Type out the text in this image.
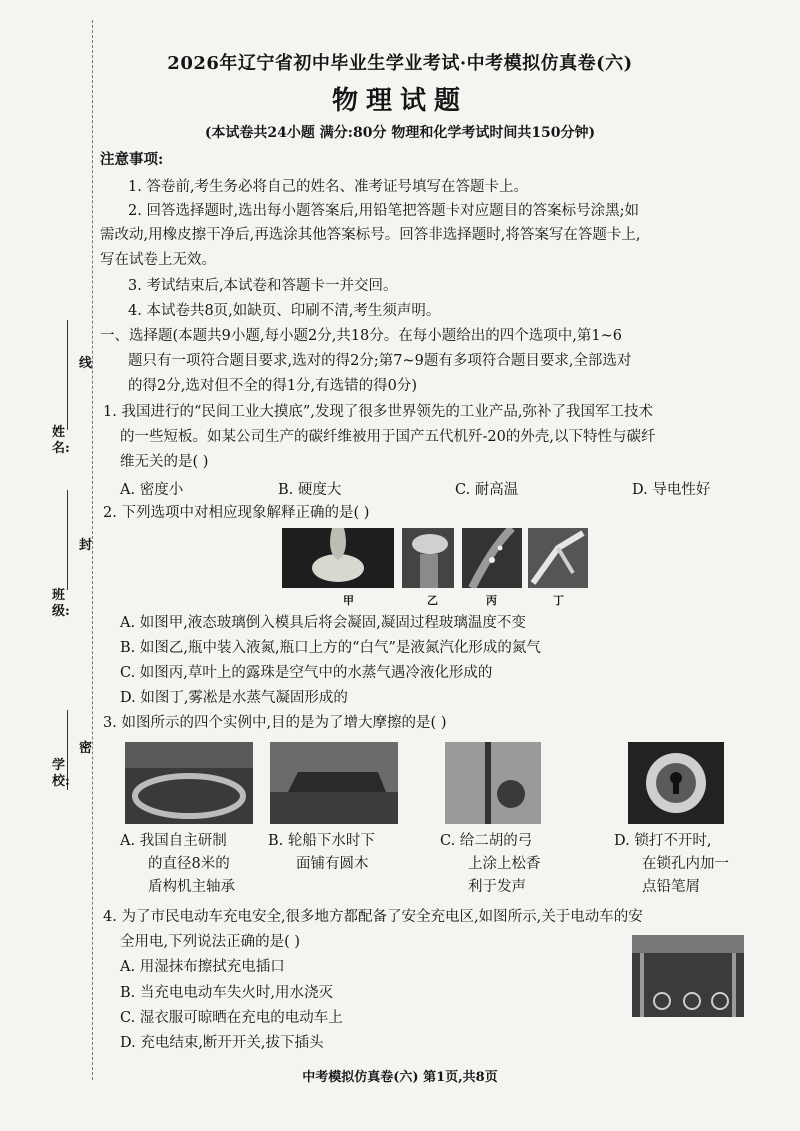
姓名:
班级:
学校:
线
封
密
2026年辽宁省初中毕业生学业考试·中考模拟仿真卷(六)
物理试题
(本试卷共24小题 满分:80分 物理和化学考试时间共150分钟)
注意事项:
1. 答卷前,考生务必将自己的姓名、准考证号填写在答题卡上。
2. 回答选择题时,选出每小题答案后,用铅笔把答题卡对应题目的答案标号涂黑;如
需改动,用橡皮擦干净后,再选涂其他答案标号。回答非选择题时,将答案写在答题卡上,
写在试卷上无效。
3. 考试结束后,本试卷和答题卡一并交回。
4. 本试卷共8页,如缺页、印刷不清,考生须声明。
一、选择题(本题共9小题,每小题2分,共18分。在每小题给出的四个选项中,第1~6
题只有一项符合题目要求,选对的得2分;第7~9题有多项符合题目要求,全部选对
的得2分,选对但不全的得1分,有选错的得0分)
1. 我国进行的“民间工业大摸底”,发现了很多世界领先的工业产品,弥补了我国军工技术
的一些短板。如某公司生产的碳纤维被用于国产五代机歼-20的外壳,以下特性与碳纤
维无关的是( )
A. 密度小	B. 硬度大	C. 耐高温	D. 导电性好
2. 下列选项中对相应现象解释正确的是( )
甲	乙	丙	丁
A. 如图甲,液态玻璃倒入模具后将会凝固,凝固过程玻璃温度不变
B. 如图乙,瓶中装入液氮,瓶口上方的“白气”是液氮汽化形成的氮气
C. 如图丙,草叶上的露珠是空气中的水蒸气遇冷液化形成的
D. 如图丁,雾凇是水蒸气凝固形成的
3. 如图所示的四个实例中,目的是为了增大摩擦的是( )
A. 我国自主研制
的直径8米的
盾构机主轴承
B. 轮船下水时下
面铺有圆木
C. 给二胡的弓
上涂上松香
利于发声
D. 锁打不开时,
在锁孔内加一
点铅笔屑
4. 为了市民电动车充电安全,很多地方都配备了安全充电区,如图所示,关于电动车的安
全用电,下列说法正确的是( )
A. 用湿抹布擦拭充电插口
B. 当充电电动车失火时,用水浇灭
C. 湿衣服可晾晒在充电的电动车上
D. 充电结束,断开开关,拔下插头
中考模拟仿真卷(六) 第1页,共8页
